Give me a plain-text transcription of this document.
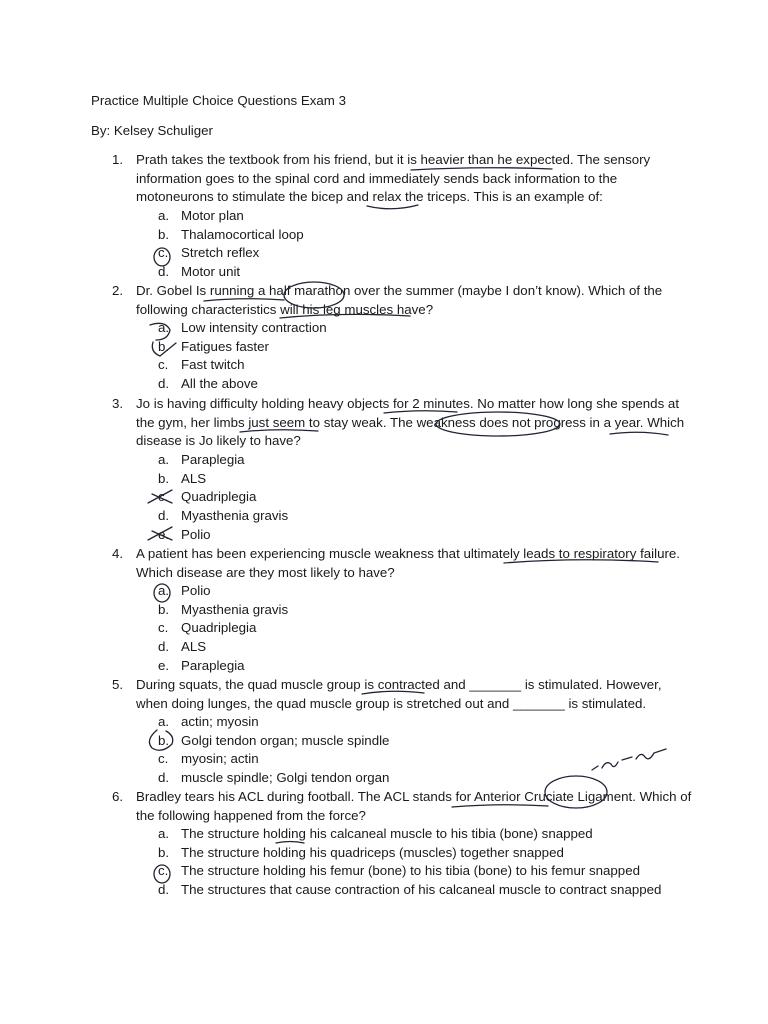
Practice Multiple Choice Questions Exam 3
By: Kelsey Schuliger
1. Prath takes the textbook from his friend, but it is heavier than he expected. The sensory information goes to the spinal cord and immediately sends back information to the motoneurons to stimulate the bicep and relax the triceps. This is an example of:
a. Motor plan
b. Thalamocortical loop
c. Stretch reflex
d. Motor unit
2. Dr. Gobel Is running a half marathon over the summer (maybe I don’t know). Which of the following characteristics will his leg muscles have?
a. Low intensity contraction
b. Fatigues faster
c. Fast twitch
d. All the above
3. Jo is having difficulty holding heavy objects for 2 minutes. No matter how long she spends at the gym, her limbs just seem to stay weak. The weakness does not progress in a year. Which disease is Jo likely to have?
a. Paraplegia
b. ALS
c. Quadriplegia
d. Myasthenia gravis
e. Polio
4. A patient has been experiencing muscle weakness that ultimately leads to respiratory failure. Which disease are they most likely to have?
a. Polio
b. Myasthenia gravis
c. Quadriplegia
d. ALS
e. Paraplegia
5. During squats, the quad muscle group is contracted and _______ is stimulated. However, when doing lunges, the quad muscle group is stretched out and _______ is stimulated.
a. actin; myosin
b. Golgi tendon organ; muscle spindle
c. myosin; actin
d. muscle spindle; Golgi tendon organ
6. Bradley tears his ACL during football. The ACL stands for Anterior Cruciate Ligament. Which of the following happened from the force?
a. The structure holding his calcaneal muscle to his tibia (bone) snapped
b. The structure holding his quadriceps (muscles) together snapped
c. The structure holding his femur (bone) to his tibia (bone) to his femur snapped
d. The structures that cause contraction of his calcaneal muscle to contract snapped
